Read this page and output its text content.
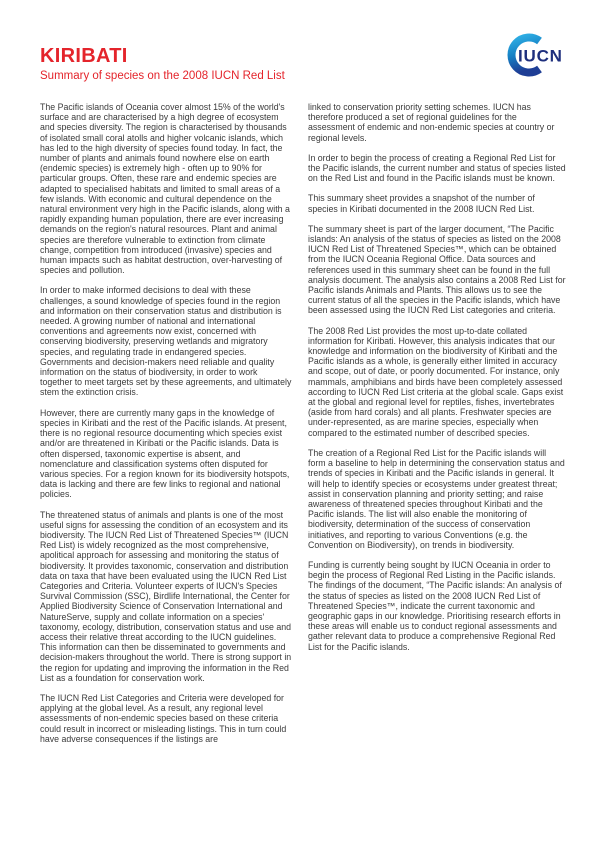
KIRIBATI
Summary of species on the 2008 IUCN Red List
IUCN

The Pacific islands of Oceania cover almost 15% of the world's surface and are characterised by a high degree of ecosystem and species diversity. The region is characterised by thousands of isolated small coral atolls and higher volcanic islands, which has led to the high diversity of species found today. In fact, the number of plants and animals found nowhere else on earth (endemic species) is extremely high - often up to 90% for particular groups. Often, these rare and endemic species are adapted to specialised habitats and limited to small areas of a few islands. With economic and cultural dependence on the natural environment very high in the Pacific islands, along with a rapidly expanding human population, there are ever increasing demands on the region's natural resources. Plant and animal species are therefore vulnerable to extinction from climate change, competition from introduced (invasive) species and human impacts such as habitat destruction, over-harvesting of species and pollution.

In order to make informed decisions to deal with these challenges, a sound knowledge of species found in the region and information on their conservation status and distribution is needed. A growing number of national and international conventions and agreements now exist, concerned with conserving biodiversity, preserving wetlands and migratory species, and regulating trade in endangered species. Governments and decision-makers need reliable and quality information on the status of biodiversity, in order to work together to meet targets set by these agreements, and ultimately stem the extinction crisis.

However, there are currently many gaps in the knowledge of species in Kiribati and the rest of the Pacific islands. At present, there is no regional resource documenting which species exist and/or are threatened in Kiribati or the Pacific islands. Data is often dispersed, taxonomic expertise is absent, and nomenclature and classification systems often disputed for various species. For a region known for its biodiversity hotspots, data is lacking and there are few links to regional and national policies.

The threatened status of animals and plants is one of the most useful signs for assessing the condition of an ecosystem and its biodiversity. The IUCN Red List of Threatened Species™ (IUCN Red List) is widely recognized as the most comprehensive, apolitical approach for assessing and monitoring the status of biodiversity. It provides taxonomic, conservation and distribution data on taxa that have been evaluated using the IUCN Red List Categories and Criteria. Volunteer experts of IUCN's Species Survival Commission (SSC), Birdlife International, the Center for Applied Biodiversity Science of Conservation International and NatureServe, supply and collate information on a species' taxonomy, ecology, distribution, conservation status and use and access their relative threat according to the IUCN guidelines. This information can then be disseminated to governments and decision-makers throughout the world. There is strong support in the region for updating and improving the information in the Red List as a foundation for conservation work.

The IUCN Red List Categories and Criteria were developed for applying at the global level. As a result, any regional level assessments of non-endemic species based on these criteria could result in incorrect or misleading listings. This in turn could have adverse consequences if the listings are

linked to conservation priority setting schemes. IUCN has therefore produced a set of regional guidelines for the assessment of endemic and non-endemic species at country or regional levels.

In order to begin the process of creating a Regional Red List for the Pacific islands, the current number and status of species listed on the Red List and found in the Pacific islands must be known.

This summary sheet provides a snapshot of the number of species in Kiribati documented in the 2008 IUCN Red List.

The summary sheet is part of the larger document, “The Pacific islands: An analysis of the status of species as listed on the 2008 IUCN Red List of Threatened Species™, which can be obtained from the IUCN Oceania Regional Office. Data sources and references used in this summary sheet can be found in the full analysis document. The analysis also contains a 2008 Red List for Pacific islands Animals and Plants. This allows us to see the current status of all the species in the Pacific islands, which have been assessed using the IUCN Red List categories and criteria.

The 2008 Red List provides the most up-to-date collated information for Kiribati. However, this analysis indicates that our knowledge and information on the biodiversity of Kiribati and the Pacific islands as a whole, is generally either limited in accuracy and scope, out of date, or poorly documented. For instance, only mammals, amphibians and birds have been completely assessed according to IUCN Red List criteria at the global scale. Gaps exist at the global and regional level for reptiles, fishes, invertebrates (aside from hard corals) and all plants. Freshwater species are under-represented, as are marine species, especially when compared to the estimated number of described species.

The creation of a Regional Red List for the Pacific islands will form a baseline to help in determining the conservation status and trends of species in Kiribati and the Pacific islands in general. It will help to identify species or ecosystems under greatest threat; assist in conservation planning and priority setting; and raise awareness of threatened species throughout Kiribati and the Pacific islands. The list will also enable the monitoring of biodiversity, determination of the success of conservation initiatives, and reporting to various Conventions (e.g. the Convention on Biodiversity), on trends in biodiversity.

Funding is currently being sought by IUCN Oceania in order to begin the process of Regional Red Listing in the Pacific islands. The findings of the document, “The Pacific islands: An analysis of the status of species as listed on the 2008 IUCN Red List of Threatened Species™, indicate the current taxonomic and geographic gaps in our knowledge. Prioritising research efforts in these areas will enable us to conduct regional assessments and gather relevant data to produce a comprehensive Regional Red List for the Pacific islands.
